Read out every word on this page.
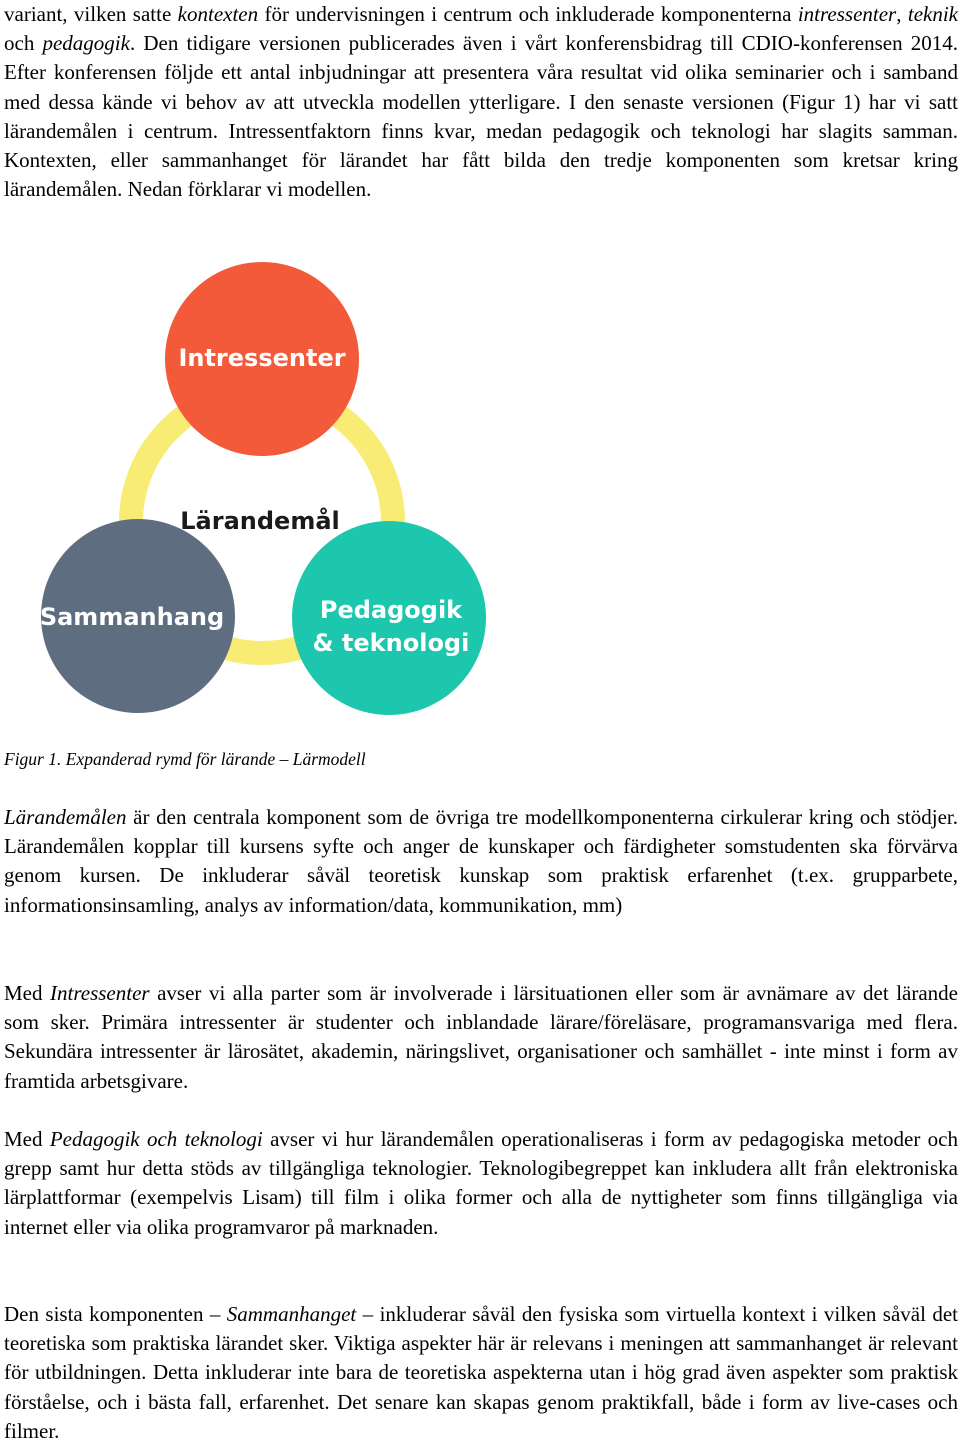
variant, vilken satte kontexten för undervisningen i centrum och inkluderade komponenterna intressenter, teknik och pedagogik. Den tidigare versionen publicerades även i vårt konferensbidrag till CDIO-konferensen 2014. Efter konferensen följde ett antal inbjudningar att presentera våra resultat vid olika seminarier och i samband med dessa kände vi behov av att utveckla modellen ytterligare. I den senaste versionen (Figur 1) har vi satt lärandemålen i centrum. Intressentfaktorn finns kvar, medan pedagogik och teknologi har slagits samman. Kontexten, eller sammanhanget för lärandet har fått bilda den tredje komponenten som kretsar kring lärandemålen. Nedan förklarar vi modellen.

Intressenter
Lärandemål
Sammanhang	Pedagogik
& teknologi

Figur 1. Expanderad rymd för lärande – Lärmodell

Lärandemålen är den centrala komponent som de övriga tre modellkomponenterna cirkulerar kring och stödjer. Lärandemålen kopplar till kursens syfte och anger de kunskaper och färdigheter somstudenten ska förvärva genom kursen. De inkluderar såväl teoretisk kunskap som praktisk erfarenhet (t.ex. grupparbete, informationsinsamling, analys av information/data, kommunikation, mm)

Med Intressenter avser vi alla parter som är involverade i lärsituationen eller som är avnämare av det lärande som sker. Primära intressenter är studenter och inblandade lärare/föreläsare, programansvariga med flera. Sekundära intressenter är lärosätet, akademin, näringslivet, organisationer och samhället - inte minst i form av framtida arbetsgivare.

Med Pedagogik och teknologi avser vi hur lärandemålen operationaliseras i form av pedagogiska metoder och grepp samt hur detta stöds av tillgängliga teknologier. Teknologibegreppet kan inkludera allt från elektroniska lärplattformar (exempelvis Lisam) till film i olika former och alla de nyttigheter som finns tillgängliga via internet eller via olika programvaror på marknaden.

Den sista komponenten – Sammanhanget – inkluderar såväl den fysiska som virtuella kontext i vilken såväl det teoretiska som praktiska lärandet sker. Viktiga aspekter här är relevans i meningen att sammanhanget är relevant för utbildningen. Detta inkluderar inte bara de teoretiska aspekterna utan i hög grad även aspekter som praktisk förståelse, och i bästa fall, erfarenhet. Det senare kan skapas genom praktikfall, både i form av live-cases och filmer.
